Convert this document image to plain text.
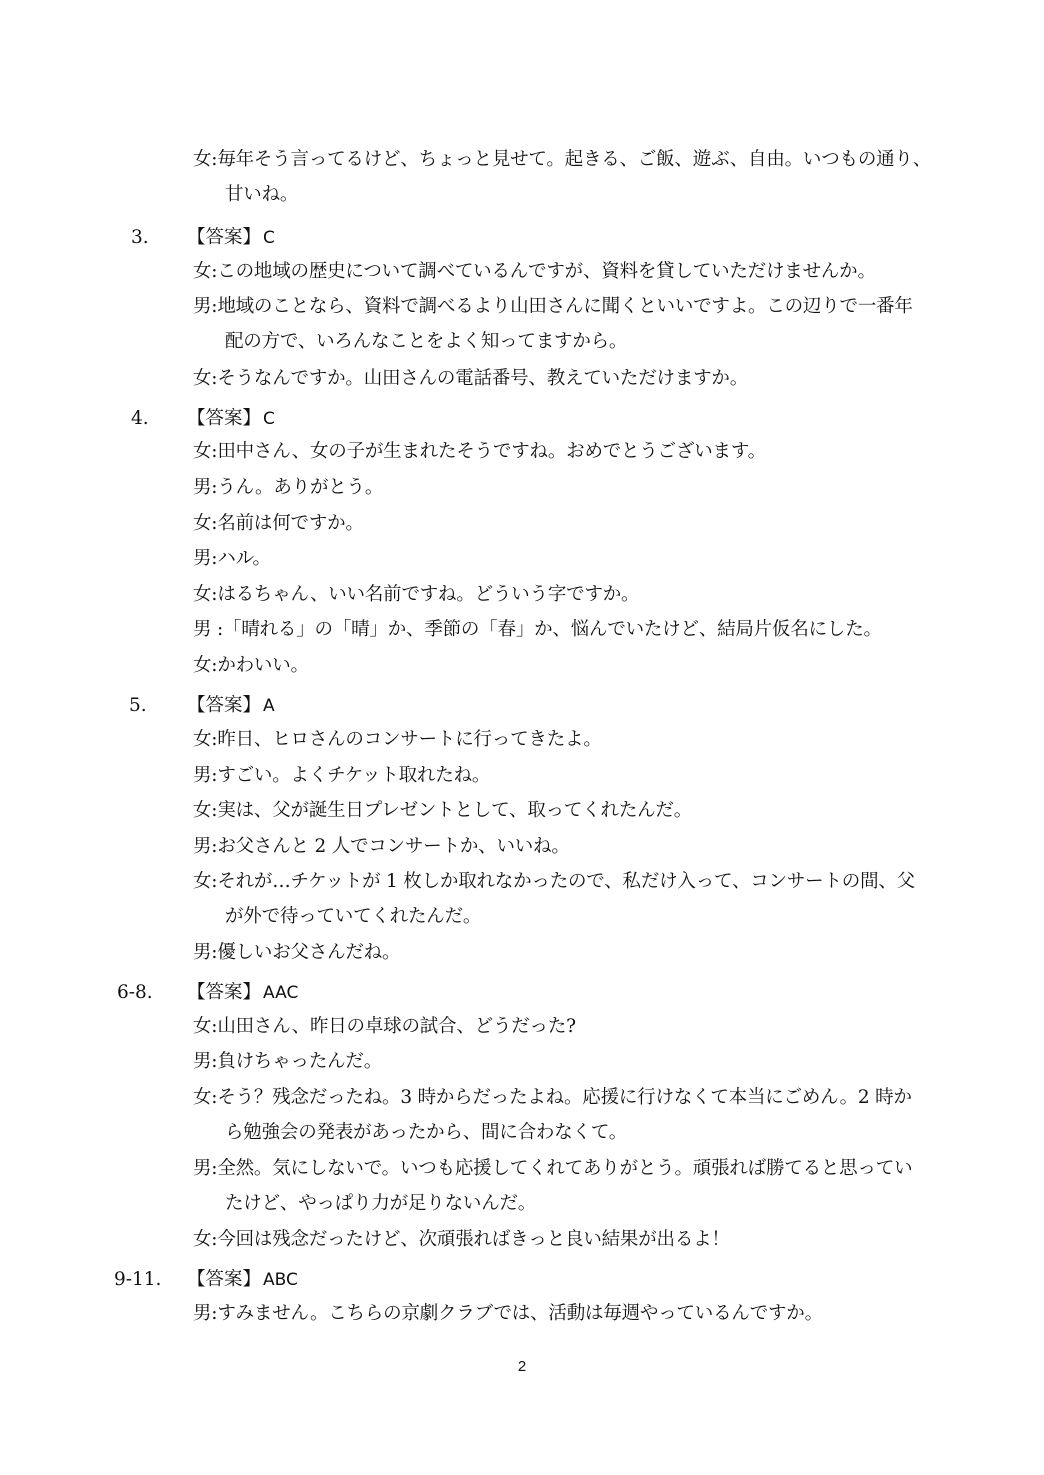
女:毎年そう言ってるけど、ちょっと見せて。起きる、ご飯、遊ぶ、自由。いつもの通り、
甘いね。
3. 【答案】 C
女:この地域の歴史について調べているんですが、資料を貸していただけませんか。
男:地域のことなら、資料で調べるより山田さんに聞くといいですよ。この辺りで一番年
配の方で、いろんなことをよく知ってますから。
女:そうなんですか。山田さんの電話番号、教えていただけますか。
4. 【答案】 C
女:田中さん、女の子が生まれたそうですね。おめでとうございます。
男:うん。ありがとう。
女:名前は何ですか。
男:ハル。
女:はるちゃん、いい名前ですね。どういう字ですか。
男 :「晴れる」の「晴」か、季節の「春」か、悩んでいたけど、結局片仮名にした。
女:かわいい。
5. 【答案】 A
女:昨日、ヒロさんのコンサートに行ってきたよ。
男:すごい。よくチケット取れたね。
女:実は、父が誕生日プレゼントとして、取ってくれたんだ。
男:お父さんと 2 人でコンサートか、いいね。
女:それが…チケットが 1 枚しか取れなかったので、私だけ入って、コンサートの間、父
が外で待っていてくれたんだ。
男:優しいお父さんだね。
6-8. 【答案】 AAC
女:山田さん、昨日の卓球の試合、どうだった?
男:負けちゃったんだ。
女:そう？残念だったね。3 時からだったよね。応援に行けなくて本当にごめん。2 時か
ら勉強会の発表があったから、間に合わなくて。
男:全然。気にしないで。いつも応援してくれてありがとう。頑張れば勝てると思ってい
たけど、やっぱり力が足りないんだ。
女:今回は残念だったけど、次頑張ればきっと良い結果が出るよ！
9-11. 【答案】 ABC
男:すみません。こちらの京劇クラブでは、活動は毎週やっているんですか。
2
